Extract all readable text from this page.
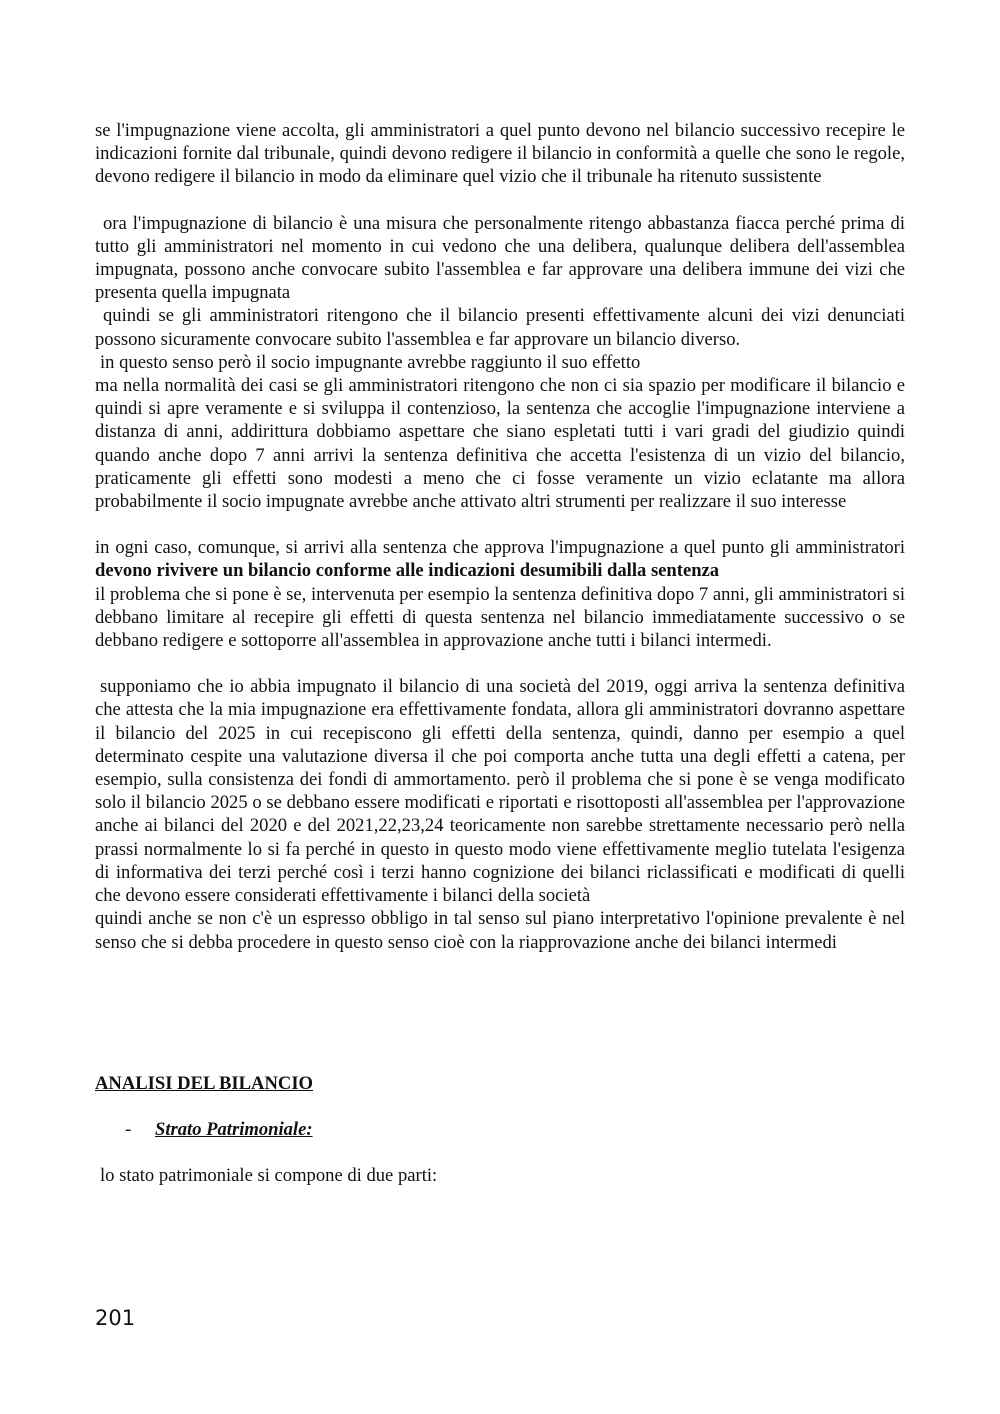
se l'impugnazione viene accolta, gli amministratori a quel punto devono nel bilancio successivo recepire le indicazioni fornite dal tribunale, quindi devono redigere il bilancio in conformità a quelle che sono le regole, devono redigere il bilancio in modo da eliminare quel vizio che il tribunale ha ritenuto sussistente

ora l'impugnazione di bilancio è una misura che personalmente ritengo abbastanza fiacca perché prima di tutto gli amministratori nel momento in cui vedono che una delibera, qualunque delibera dell'assemblea impugnata, possono anche convocare subito l'assemblea e far approvare una delibera immune dei vizi che presenta quella impugnata

quindi se gli amministratori ritengono che il bilancio presenti effettivamente alcuni dei vizi denunciati possono sicuramente convocare subito l'assemblea e far approvare un bilancio diverso.

in questo senso però il socio impugnante avrebbe raggiunto il suo effetto

ma nella normalità dei casi se gli amministratori ritengono che non ci sia spazio per modificare il bilancio e quindi si apre veramente e si sviluppa il contenzioso, la sentenza che accoglie l'impugnazione interviene a distanza di anni, addirittura dobbiamo aspettare che siano espletati tutti i vari gradi del giudizio quindi quando anche dopo 7 anni arrivi la sentenza definitiva che accetta l'esistenza di un vizio del bilancio, praticamente gli effetti sono modesti a meno che ci fosse veramente un vizio eclatante ma allora probabilmente il socio impugnate avrebbe anche attivato altri strumenti per realizzare il suo interesse

in ogni caso, comunque, si arrivi alla sentenza che approva l'impugnazione a quel punto gli amministratori devono rivivere un bilancio conforme alle indicazioni desumibili dalla sentenza

il problema che si pone è se, intervenuta per esempio la sentenza definitiva dopo 7 anni, gli amministratori si debbano limitare al recepire gli effetti di questa sentenza nel bilancio immediatamente successivo o se debbano redigere e sottoporre all'assemblea in approvazione anche tutti i bilanci intermedi.

supponiamo che io abbia impugnato il bilancio di una società del 2019, oggi arriva la sentenza definitiva che attesta che la mia impugnazione era effettivamente fondata, allora gli amministratori dovranno aspettare il bilancio del 2025 in cui recepiscono gli effetti della sentenza, quindi, danno per esempio a quel determinato cespite una valutazione diversa il che poi comporta anche tutta una degli effetti a catena, per esempio, sulla consistenza dei fondi di ammortamento. però il problema che si pone è se venga modificato solo il bilancio 2025 o se debbano essere modificati e riportati e risottoposti all'assemblea per l'approvazione anche ai bilanci del 2020 e del 2021,22,23,24 teoricamente non sarebbe strettamente necessario però nella prassi normalmente lo si fa perché in questo in questo modo viene effettivamente meglio tutelata l'esigenza di informativa dei terzi perché così i terzi hanno cognizione dei bilanci riclassificati e modificati di quelli che devono essere considerati effettivamente i bilanci della società

quindi anche se non c'è un espresso obbligo in tal senso sul piano interpretativo l'opinione prevalente è nel senso che si debba procedere in questo senso cioè con la riapprovazione anche dei bilanci intermedi

ANALISI DEL BILANCIO

- Strato Patrimoniale:

lo stato patrimoniale si compone di due parti:

201
